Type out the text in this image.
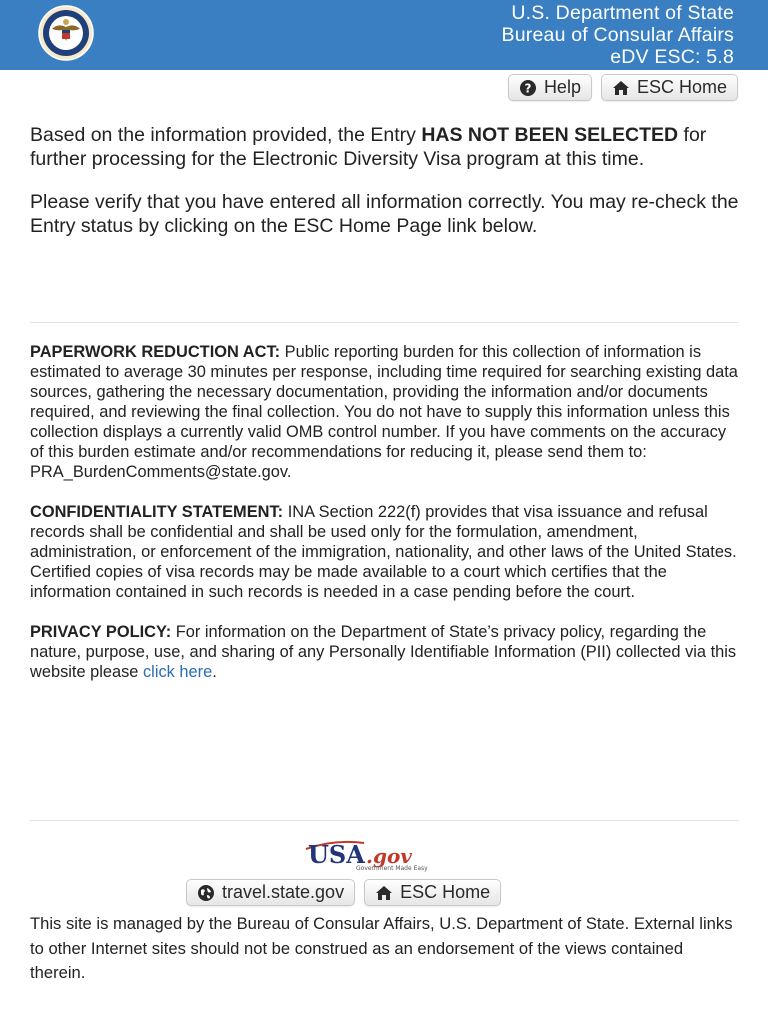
U.S. Department of State
Bureau of Consular Affairs
eDV ESC: 5.8
? Help	ESC Home

Based on the information provided, the Entry HAS NOT BEEN SELECTED for further processing for the Electronic Diversity Visa program at this time.

Please verify that you have entered all information correctly. You may re-check the Entry status by clicking on the ESC Home Page link below.

PAPERWORK REDUCTION ACT: Public reporting burden for this collection of information is estimated to average 30 minutes per response, including time required for searching existing data sources, gathering the necessary documentation, providing the information and/or documents required, and reviewing the final collection. You do not have to supply this information unless this collection displays a currently valid OMB control number. If you have comments on the accuracy of this burden estimate and/or recommendations for reducing it, please send them to: PRA_BurdenComments@state.gov.

CONFIDENTIALITY STATEMENT: INA Section 222(f) provides that visa issuance and refusal records shall be confidential and shall be used only for the formulation, amendment, administration, or enforcement of the immigration, nationality, and other laws of the United States. Certified copies of visa records may be made available to a court which certifies that the information contained in such records is needed in a case pending before the court.

PRIVACY POLICY: For information on the Department of State’s privacy policy, regarding the nature, purpose, use, and sharing of any Personally Identifiable Information (PII) collected via this website please click here.

USA .gov
Government Made Easy
travel.state.gov	ESC Home
This site is managed by the Bureau of Consular Affairs, U.S. Department of State. External links to other Internet sites should not be construed as an endorsement of the views contained therein.
